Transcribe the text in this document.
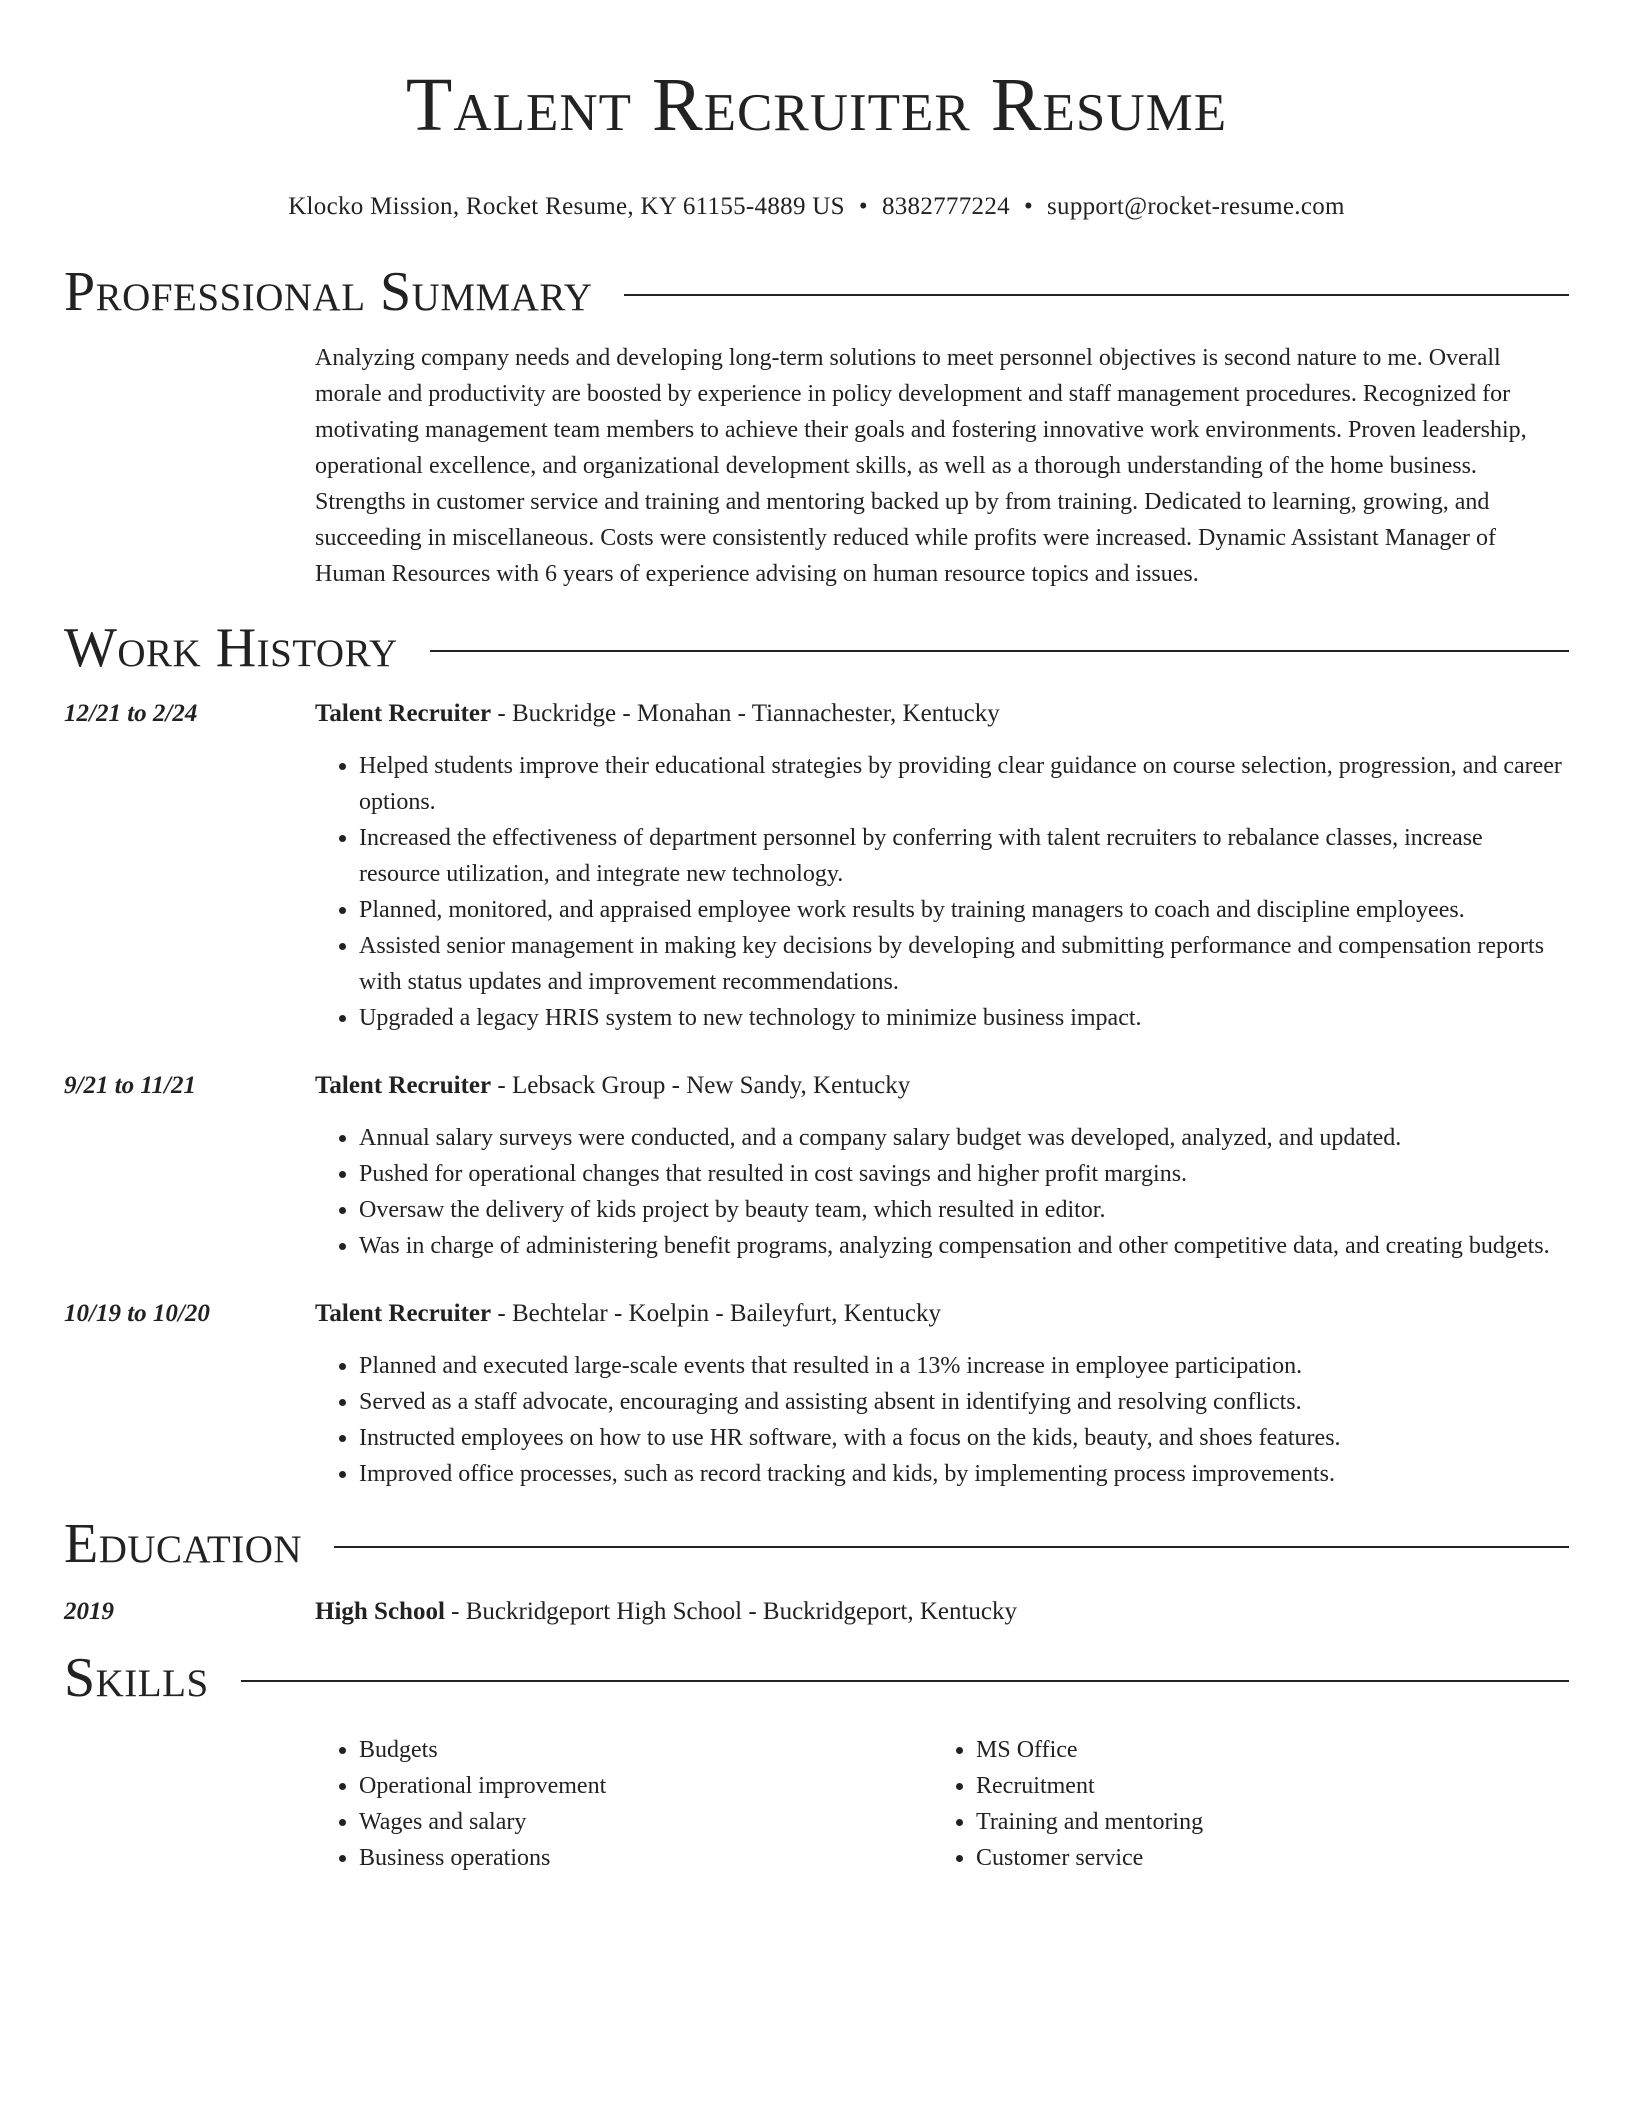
Talent Recruiter Resume
Klocko Mission, Rocket Resume, KY 61155-4889 US • 8382777224 • support@rocket-resume.com
Professional Summary

Analyzing company needs and developing long-term solutions to meet personnel objectives is second nature to me. Overall morale and productivity are boosted by experience in policy development and staff management procedures. Recognized for motivating management team members to achieve their goals and fostering innovative work environments. Proven leadership, operational excellence, and organizational development skills, as well as a thorough understanding of the home business. Strengths in customer service and training and mentoring backed up by from training. Dedicated to learning, growing, and succeeding in miscellaneous. Costs were consistently reduced while profits were increased. Dynamic Assistant Manager of Human Resources with 6 years of experience advising on human resource topics and issues.

Work History
12/21 to 2/24	Talent Recruiter - Buckridge - Monahan - Tiannachester, Kentucky
• Helped students improve their educational strategies by providing clear guidance on course selection, progression, and career options.
• Increased the effectiveness of department personnel by conferring with talent recruiters to rebalance classes, increase resource utilization, and integrate new technology.
• Planned, monitored, and appraised employee work results by training managers to coach and discipline employees.
• Assisted senior management in making key decisions by developing and submitting performance and compensation reports with status updates and improvement recommendations.
• Upgraded a legacy HRIS system to new technology to minimize business impact.
9/21 to 11/21	Talent Recruiter - Lebsack Group - New Sandy, Kentucky
• Annual salary surveys were conducted, and a company salary budget was developed, analyzed, and updated.
• Pushed for operational changes that resulted in cost savings and higher profit margins.
• Oversaw the delivery of kids project by beauty team, which resulted in editor.
• Was in charge of administering benefit programs, analyzing compensation and other competitive data, and creating budgets.
10/19 to 10/20	Talent Recruiter - Bechtelar - Koelpin - Baileyfurt, Kentucky
• Planned and executed large-scale events that resulted in a 13% increase in employee participation.
• Served as a staff advocate, encouraging and assisting absent in identifying and resolving conflicts.
• Instructed employees on how to use HR software, with a focus on the kids, beauty, and shoes features.
• Improved office processes, such as record tracking and kids, by implementing process improvements.
Education
2019	High School - Buckridgeport High School - Buckridgeport, Kentucky
Skills
• Budgets
• Operational improvement
• Wages and salary
• Business operations
• MS Office
• Recruitment
• Training and mentoring
• Customer service
